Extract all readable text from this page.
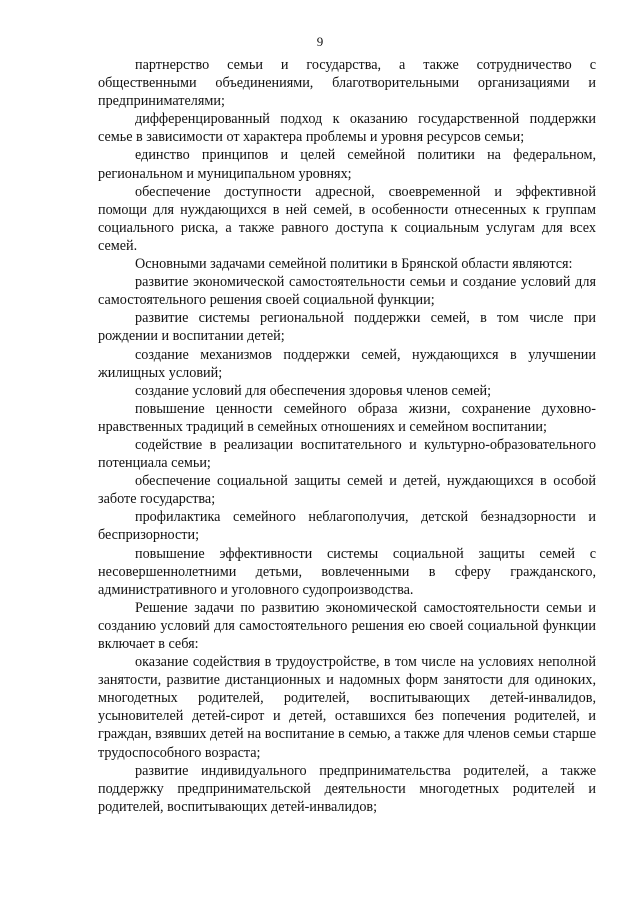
9

партнерство семьи и государства, а также сотрудничество с общественными объединениями, благотворительными организациями и предпринимателями;

дифференцированный подход к оказанию государственной поддержки семье в зависимости от характера проблемы и уровня ресурсов семьи;

единство принципов и целей семейной политики на федеральном, региональном и муниципальном уровнях;

обеспечение доступности адресной, своевременной и эффективной помощи для нуждающихся в ней семей, в особенности отнесенных к группам социального риска, а также равного доступа к социальным услугам для всех семей.

Основными задачами семейной политики в Брянской области являются:

развитие экономической самостоятельности семьи и создание условий для самостоятельного решения своей социальной функции;

развитие системы региональной поддержки семей, в том числе при рождении и воспитании детей;

создание механизмов поддержки семей, нуждающихся в улучшении жилищных условий;

создание условий для обеспечения здоровья членов семей;

повышение ценности семейного образа жизни, сохранение духовно-нравственных традиций в семейных отношениях и семейном воспитании;

содействие в реализации воспитательного и культурно-образовательного потенциала семьи;

обеспечение социальной защиты семей и детей, нуждающихся в особой заботе государства;

профилактика семейного неблагополучия, детской безнадзорности и беспризорности;

повышение эффективности системы социальной защиты семей с несовершеннолетними детьми, вовлеченными в сферу гражданского, административного и уголовного судопроизводства.

Решение задачи по развитию экономической самостоятельности семьи и созданию условий для самостоятельного решения ею своей социальной функции включает в себя:

оказание содействия в трудоустройстве, в том числе на условиях неполной занятости, развитие дистанционных и надомных форм занятости для одиноких, многодетных родителей, родителей, воспитывающих детей-инвалидов, усыновителей детей-сирот и детей, оставшихся без попечения родителей, и граждан, взявших детей на воспитание в семью, а также для членов семьи старше трудоспособного возраста;

развитие индивидуального предпринимательства родителей, а также поддержку предпринимательской деятельности многодетных родителей и родителей, воспитывающих детей-инвалидов;
